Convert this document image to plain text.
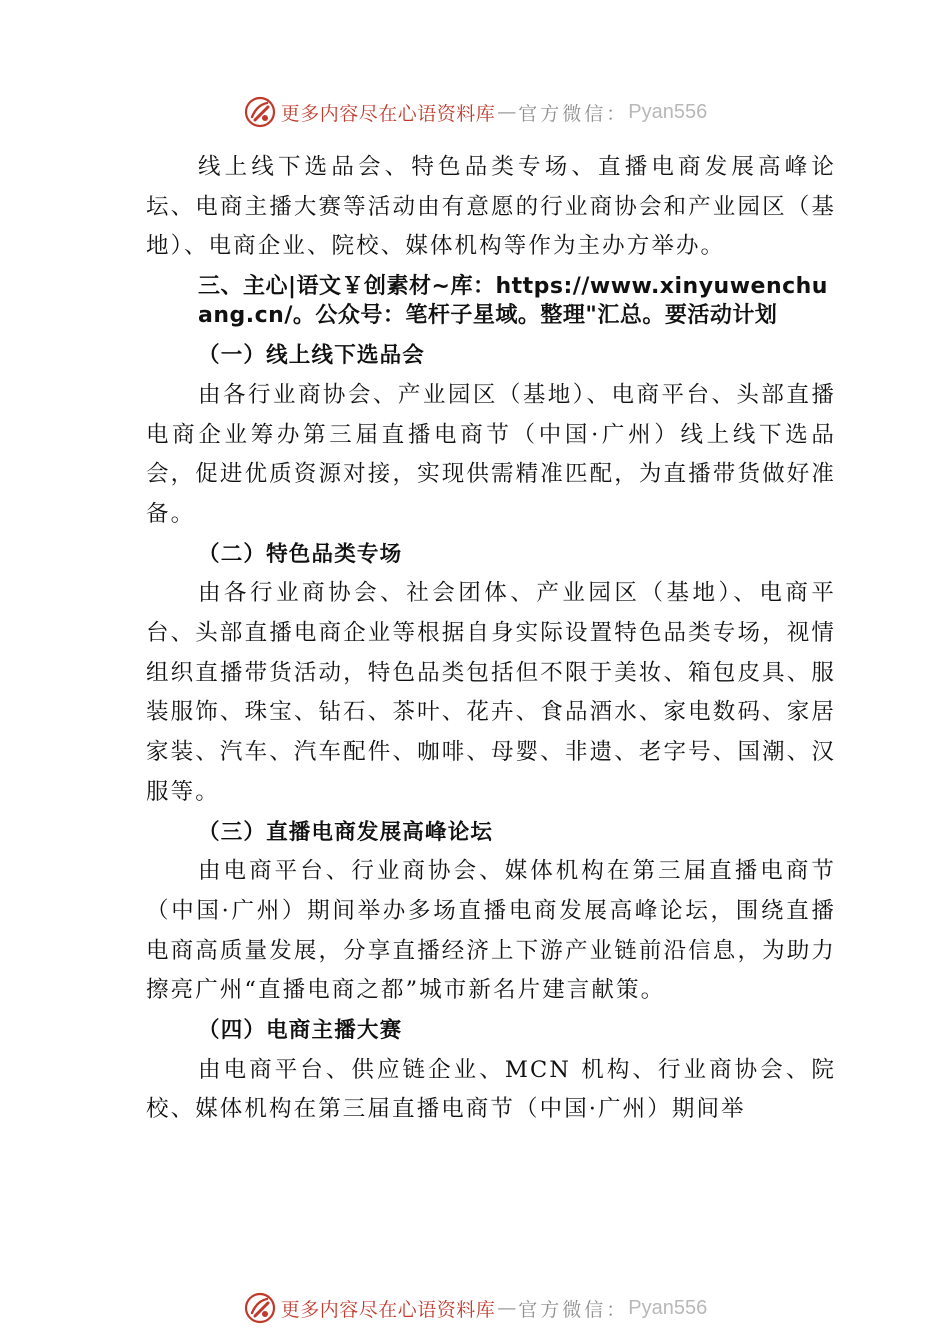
更多内容尽在心语资料库 — 官方微信： Pyan556

线上线下选品会、特色品类专场、直播电商发展高峰论坛、电商主播大赛等活动由有意愿的行业商协会和产业园区（基地）、电商企业、院校、媒体机构等作为主办方举办。

三、主心|语文￥创素材~库：https://www.xinyuwenchuang.cn/。公众号：笔杆子星域。整理"汇总。要活动计划

（一）线上线下选品会

由各行业商协会、产业园区（基地）、电商平台、头部直播电商企业筹办第三届直播电商节（中国·广州）线上线下选品会，促进优质资源对接，实现供需精准匹配，为直播带货做好准备。

（二）特色品类专场

由各行业商协会、社会团体、产业园区（基地）、电商平台、头部直播电商企业等根据自身实际设置特色品类专场，视情组织直播带货活动，特色品类包括但不限于美妆、箱包皮具、服装服饰、珠宝、钻石、茶叶、花卉、食品酒水、家电数码、家居家装、汽车、汽车配件、咖啡、母婴、非遗、老字号、国潮、汉服等。

（三）直播电商发展高峰论坛

由电商平台、行业商协会、媒体机构在第三届直播电商节（中国·广州）期间举办多场直播电商发展高峰论坛，围绕直播电商高质量发展，分享直播经济上下游产业链前沿信息，为助力擦亮广州“直播电商之都”城市新名片建言献策。

（四）电商主播大赛

由电商平台、供应链企业、MCN 机构、行业商协会、院校、媒体机构在第三届直播电商节（中国·广州）期间举

更多内容尽在心语资料库 — 官方微信： Pyan556
